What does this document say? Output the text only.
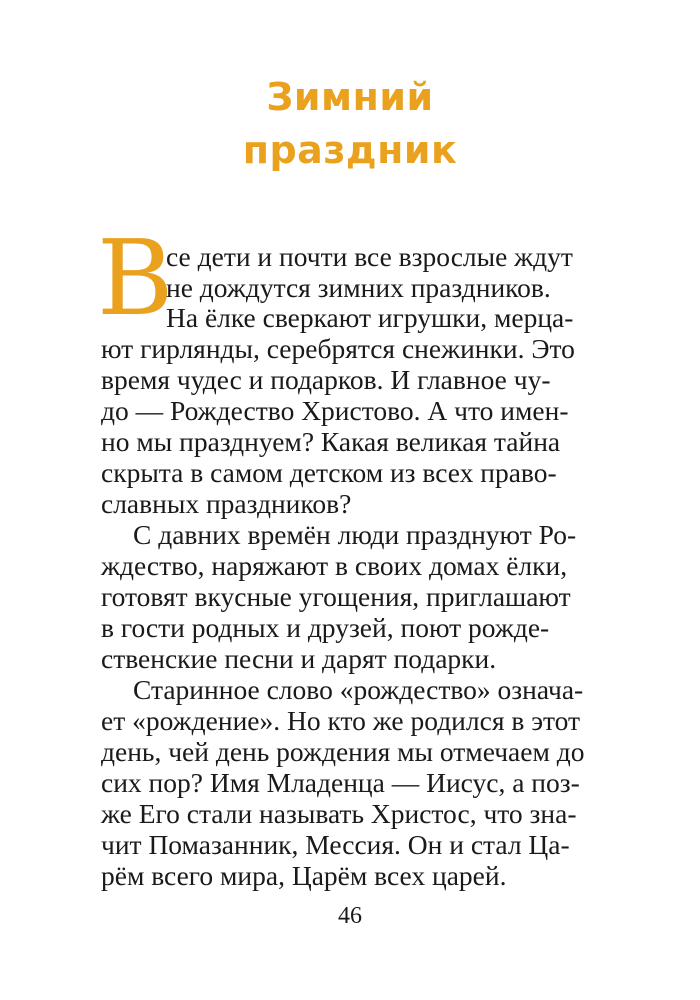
Зимний
праздник
В

се дети и почти все взрослые ждут

не дождутся зимних праздников.

На ёлке сверкают игрушки, мерца-

ют гирлянды, серебрятся снежинки. Это

время чудес и подарков. И главное чу-

до — Рождество Христово. А что имен-

но мы празднуем? Какая великая тайна

скрыта в самом детском из всех право-

славных праздников?

С давних времён люди празднуют Ро-

ждество, наряжают в своих домах ёлки,

готовят вкусные угощения, приглашают

в гости родных и друзей, поют рожде-

ственские песни и дарят подарки.

Старинное слово «рождество» означа-

ет «рождение». Но кто же родился в этот

день, чей день рождения мы отмечаем до

сих пор? Имя Младенца — Иисус, а поз-

же Его стали называть Христос, что зна-

чит Помазанник, Мессия. Он и стал Ца-

рём всего мира, Царём всех царей.

46
